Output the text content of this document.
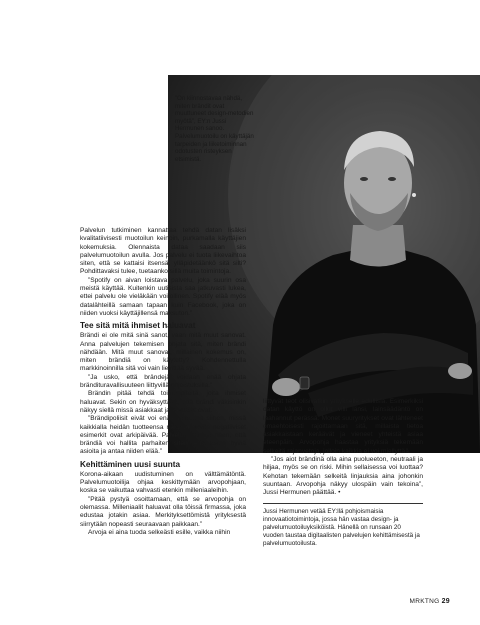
”On kiinnostavaa nähdä, miten brändit ovat muuttuneet design-metodien myötä”, EY:n Jussi Hermunen sanoo. Palvelumuotoilu on käyttäjän tarpeiden ja liiketoiminnan odotusten risteyksen etsimistä.

Palvelun tutkiminen kannattaa tehdä datan lisäksi kvalitatiivisesti muotoilun keinoin, purkamalla käyttäjien kokemuksia. Olennaista dataa saadaan siis palvelumuotoilun avulla. Jos palvelu ei tuota liikevaihtoa siten, että se kattaisi itsensä, ylläpidetäänkö sitä silti? Pohdittavaksi tulee, tuetaanko sillä muita toimintoja.

”Spotify on aivan loistava palvelu, joka suurin osa meistä käyttää. Kuitenkin uutisista saa jatkuvasti lukea, ettei palvelu ole vieläkään voitollinen. Spotify elää myös datalähteillä samaan tapaan kuin Facebook, joka on niiden vuoksi käyttäjillensä maksuton.”

Tee sitä mitä ihmiset haluavat

Brändi ei ole mitä sinä sanot, vaan mitä muut sanovat. Anna palvelujen tekemisen ohjata sitä, miten brändi nähdään. Mitä muut sanovat, millainen kokemus on, miten brändiä on käytetty? Kohdennettulla markkinoinnilla sitä voi vain lievittää syvää.

”Ja usko, että brändejä voidaan enää ohjata brändituravallisuuteen liittyvillä ohjeistuksilla.”

Brändin pitää tehdä toimenpiteitä, joita ihmiset haluavat. Sekin on hyväksyttävä, että brändi väkisinkin näkyy siellä missä asiakkaat ja käyttäjät ovat.

”Brändipoliisit eivät voi enää vaikuttaa siihen, missä kaikkialla heidän tuotteensa näkyvät. Myös negatiiviset esimerkit ovat arkipäivää. Palvelumuotoilija näen, että brändiä voi hallita parhaiten siten, että tekee hyviä asioita ja antaa niiden elää.”

Kehittäminen uusi suunta

Korona-aikaan uudistuminen on välttämätöntä. Palvelumuotoilija ohjaa keskittymään arvopohjaan, koska se vaikuttaa vahvasti etenkin milleniaaleihin.

”Pitää pystyä osoittamaan, että se arvopohja on olemassa. Milleniaalit haluavat olla töissä firmassa, joka edustaa jotakin asiaa. Merkityksettömistä yrityksestä siirrytään nopeasti seuraavaan paikkaan.”

Arvoja ei aina tuoda selkeästi esille, vaikka niihin

liittyvät teot olisivatkin yritykselle edullisia. Esimerkiksi datan käyttö on ollut villi länsi, lainsäädäntö on laahannut perässä. Monet suuryritykset ovat lähteneet omaehtoisesti rajoittamaan sitä, millaista tietoa asiakkaistaan keräävät ja vieneet yhteistä asiaa eteenpäin. Arvopohja haastaa yrityksiä tekemään selkeitä rajanvetoja, jolloin kaikkia ei voi miellyttää.

”Jos aiot brändinä olla aina puolueeton, neutraali ja hiljaa, myös se on riski. Mihin sellaisessa voi luottaa? Kehotan tekemään selkeitä linjauksia aina johonkin suuntaan. Arvopohja näkyy ulospäin vain tekoina”, Jussi Hermunen päättää. •

Jussi Hermunen vetää EY:llä pohjoismaisia innovaatiotoimintoja, jossa hän vastaa design- ja palvelumuotoiluyksiköistä. Hänellä on runsaan 20 vuoden taustaa digitaalisten palvelujen kehittämisestä ja palvelumuotoilusta.

MRKTNG 29
